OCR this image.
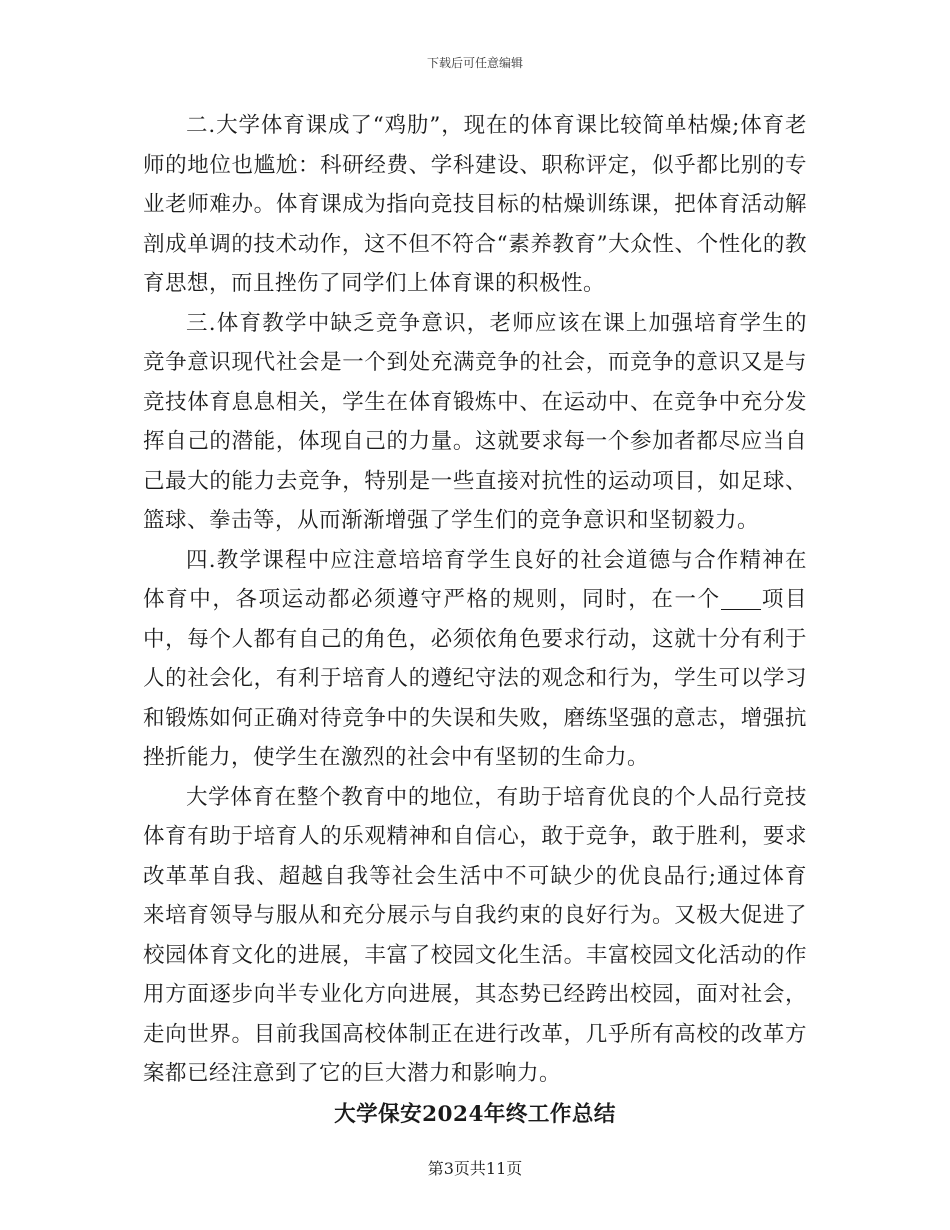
下载后可任意编辑

二.大学体育课成了“鸡肋”，现在的体育课比较简单枯燥;体育老师的地位也尴尬：科研经费、学科建设、职称评定，似乎都比别的专业老师难办。体育课成为指向竞技目标的枯燥训练课，把体育活动解剖成单调的技术动作，这不但不符合“素养教育”大众性、个性化的教育思想，而且挫伤了同学们上体育课的积极性。

三.体育教学中缺乏竞争意识，老师应该在课上加强培育学生的竞争意识现代社会是一个到处充满竞争的社会，而竞争的意识又是与竞技体育息息相关，学生在体育锻炼中、在运动中、在竞争中充分发挥自己的潜能，体现自己的力量。这就要求每一个参加者都尽应当自己最大的能力去竞争，特别是一些直接对抗性的运动项目，如足球、篮球、拳击等，从而渐渐增强了学生们的竞争意识和坚韧毅力。

四.教学课程中应注意培培育学生良好的社会道德与合作精神在体育中，各项运动都必须遵守严格的规则，同时，在一个 项目中，每个人都有自己的角色，必须依角色要求行动，这就十分有利于人的社会化，有利于培育人的遵纪守法的观念和行为，学生可以学习和锻炼如何正确对待竞争中的失误和失败，磨练坚强的意志，增强抗挫折能力，使学生在激烈的社会中有坚韧的生命力。

大学体育在整个教育中的地位，有助于培育优良的个人品行竞技体育有助于培育人的乐观精神和自信心，敢于竞争，敢于胜利，要求改革革自我、超越自我等社会生活中不可缺少的优良品行;通过体育来培育领导与服从和充分展示与自我约束的良好行为。又极大促进了校园体育文化的进展，丰富了校园文化生活。丰富校园文化活动的作用方面逐步向半专业化方向进展，其态势已经跨出校园，面对社会，走向世界。目前我国高校体制正在进行改革，几乎所有高校的改革方案都已经注意到了它的巨大潜力和影响力。

大学保安2024年终工作总结
第3页共11页
